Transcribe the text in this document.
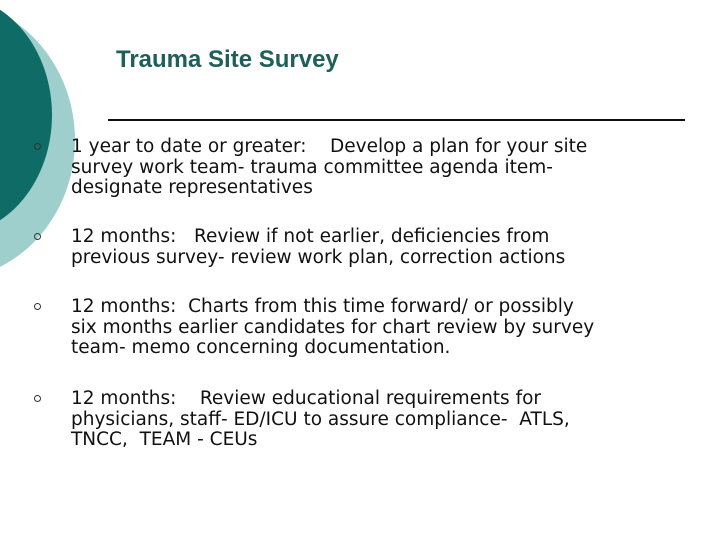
Trauma Site Survey
1 year to date or greater:    Develop a plan for your site
survey work team- trauma committee agenda item-
designate representatives
12 months:   Review if not earlier, deficiencies from
previous survey- review work plan, correction actions
12 months:  Charts from this time forward/ or possibly
six months earlier candidates for chart review by survey
team- memo concerning documentation.
12 months:    Review educational requirements for
physicians, staff- ED/ICU to assure compliance-  ATLS,
TNCC,  TEAM - CEUs
